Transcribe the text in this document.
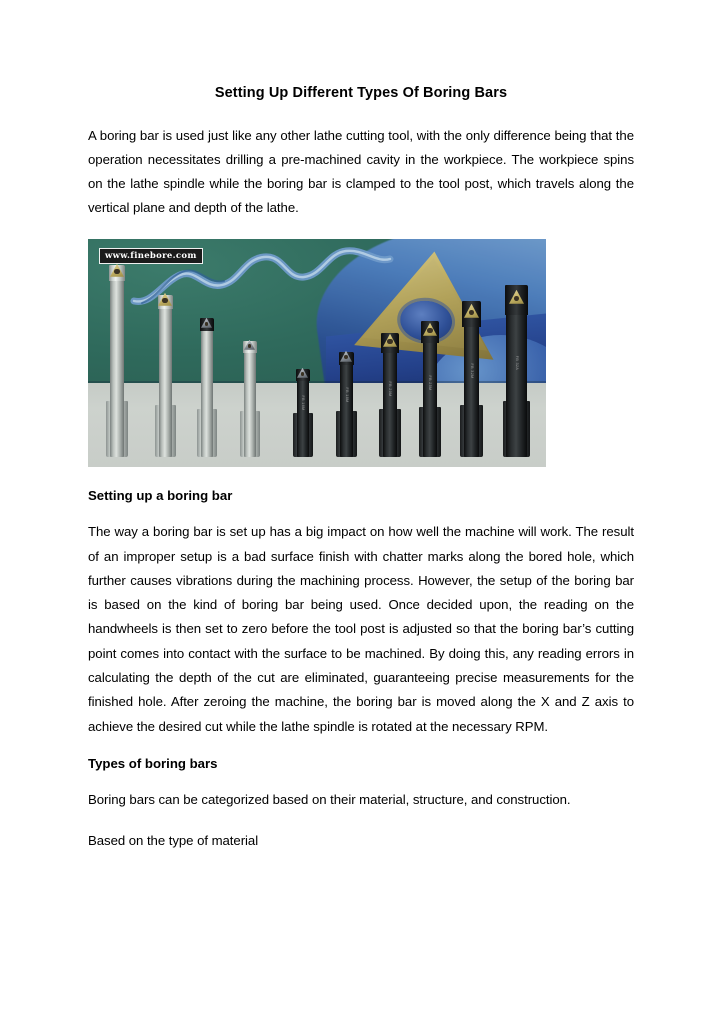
Setting Up Different Types Of Boring Bars

A boring bar is used just like any other lathe cutting tool, with the only difference being that the operation necessitates drilling a pre-machined cavity in the workpiece. The workpiece spins on the lathe spindle while the boring bar is clamped to the tool post, which travels along the vertical plane and depth of the lathe.

FB 16M
FB 18M	FB 20M	FB 25M
FB 32M
FB 32A
www.finebore.com
Setting up a boring bar

The way a boring bar is set up has a big impact on how well the machine will work. The result of an improper setup is a bad surface finish with chatter marks along the bored hole, which further causes vibrations during the machining process. However, the setup of the boring bar is based on the kind of boring bar being used. Once decided upon, the reading on the handwheels is then set to zero before the tool post is adjusted so that the boring bar’s cutting point comes into contact with the surface to be machined. By doing this, any reading errors in calculating the depth of the cut are eliminated, guaranteeing precise measurements for the finished hole. After zeroing the machine, the boring bar is moved along the X and Z axis to achieve the desired cut while the lathe spindle is rotated at the necessary RPM.

Types of boring bars

Boring bars can be categorized based on their material, structure, and construction.

Based on the type of material
